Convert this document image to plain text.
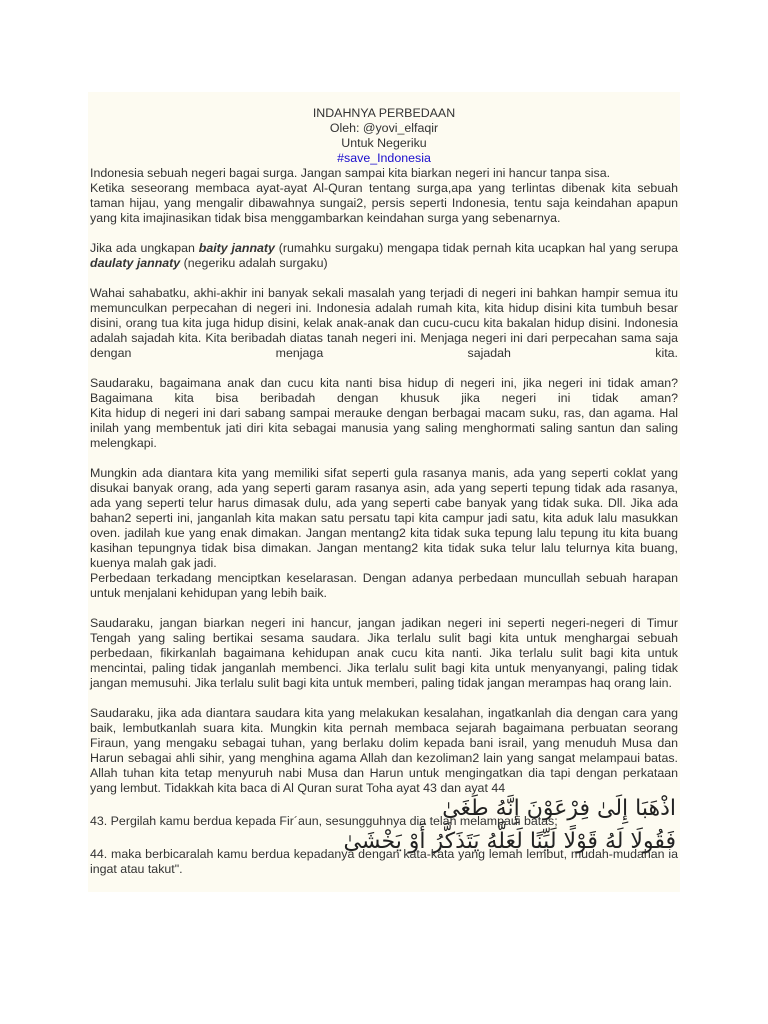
INDAHNYA PERBEDAAN
Oleh: @yovi_elfaqir
Untuk Negeriku
#save_Indonesia

Indonesia sebuah negeri bagai surga. Jangan sampai kita biarkan negeri ini hancur tanpa sisa.

Ketika seseorang membaca ayat-ayat Al-Quran tentang surga,apa yang terlintas dibenak kita sebuah taman hijau, yang mengalir dibawahnya sungai2, persis seperti Indonesia, tentu saja keindahan apapun yang kita imajinasikan tidak bisa menggambarkan keindahan surga yang sebenarnya.

Jika ada ungkapan baity jannaty (rumahku surgaku) mengapa tidak pernah kita ucapkan hal yang serupa daulaty jannaty (negeriku adalah surgaku)

Wahai sahabatku, akhi-akhir ini banyak sekali masalah yang terjadi di negeri ini bahkan hampir semua itu memunculkan perpecahan di negeri ini. Indonesia adalah rumah kita, kita hidup disini kita tumbuh besar disini, orang tua kita juga hidup disini, kelak anak-anak dan cucu-cucu kita bakalan hidup disini. Indonesia adalah sajadah kita. Kita beribadah diatas tanah negeri ini. Menjaga negeri ini dari perpecahan sama saja dengan menjaga sajadah kita.

Saudaraku, bagaimana anak dan cucu kita nanti bisa hidup di negeri ini, jika negeri ini tidak aman? Bagaimana kita bisa beribadah dengan khusuk jika negeri ini tidak aman?

Kita hidup di negeri ini dari sabang sampai merauke dengan berbagai macam suku, ras, dan agama. Hal inilah yang membentuk jati diri kita sebagai manusia yang saling menghormati saling santun dan saling melengkapi.

Mungkin ada diantara kita yang memiliki sifat seperti gula rasanya manis, ada yang seperti coklat yang disukai banyak orang, ada yang seperti garam rasanya asin, ada yang seperti tepung tidak ada rasanya, ada yang seperti telur harus dimasak dulu, ada yang seperti cabe banyak yang tidak suka. Dll. Jika ada bahan2 seperti ini, janganlah kita makan satu persatu tapi kita campur jadi satu, kita aduk lalu masukkan oven. jadilah kue yang enak dimakan. Jangan mentang2 kita tidak suka tepung lalu tepung itu kita buang kasihan tepungnya tidak bisa dimakan. Jangan mentang2 kita tidak suka telur lalu telurnya kita buang, kuenya malah gak jadi.

Perbedaan terkadang menciptkan keselarasan. Dengan adanya perbedaan muncullah sebuah harapan untuk menjalani kehidupan yang lebih baik.

Saudaraku, jangan biarkan negeri ini hancur, jangan jadikan negeri ini seperti negeri-negeri di Timur Tengah yang saling bertikai sesama saudara. Jika terlalu sulit bagi kita untuk menghargai sebuah perbedaan, fikirkanlah bagaimana kehidupan anak cucu kita nanti. Jika terlalu sulit bagi kita untuk mencintai, paling tidak janganlah membenci. Jika terlalu sulit bagi kita untuk menyanyangi, paling tidak jangan memusuhi. Jika terlalu sulit bagi kita untuk memberi, paling tidak jangan merampas haq orang lain.

Saudaraku, jika ada diantara saudara kita yang melakukan kesalahan, ingatkanlah dia dengan cara yang baik, lembutkanlah suara kita. Mungkin kita pernah membaca sejarah bagaimana perbuatan seorang Firaun, yang mengaku sebagai tuhan, yang berlaku dolim kepada bani israil, yang menuduh Musa dan Harun sebagai ahli sihir, yang menghina agama Allah dan kezoliman2 lain yang sangat melampaui batas. Allah tuhan kita tetap menyuruh nabi Musa dan Harun untuk mengingatkan dia tapi dengan perkataan yang lembut. Tidakkah kita baca di Al Quran surat Toha ayat 43 dan ayat 44

اذْهَبَا إِلَىٰ فِرْعَوْنَ إِنَّهُ طَغَىٰ

43. Pergilah kamu berdua kepada Fir´aun, sesungguhnya dia telah melampaui batas;

فَقُولَا لَهُ قَوْلًا لَيِّنًا لَعَلَّهُ يَتَذَكَّرُ أَوْ يَخْشَىٰ

44. maka berbicaralah kamu berdua kepadanya dengan kata-kata yang lemah lembut, mudah-mudahan ia ingat atau takut".
